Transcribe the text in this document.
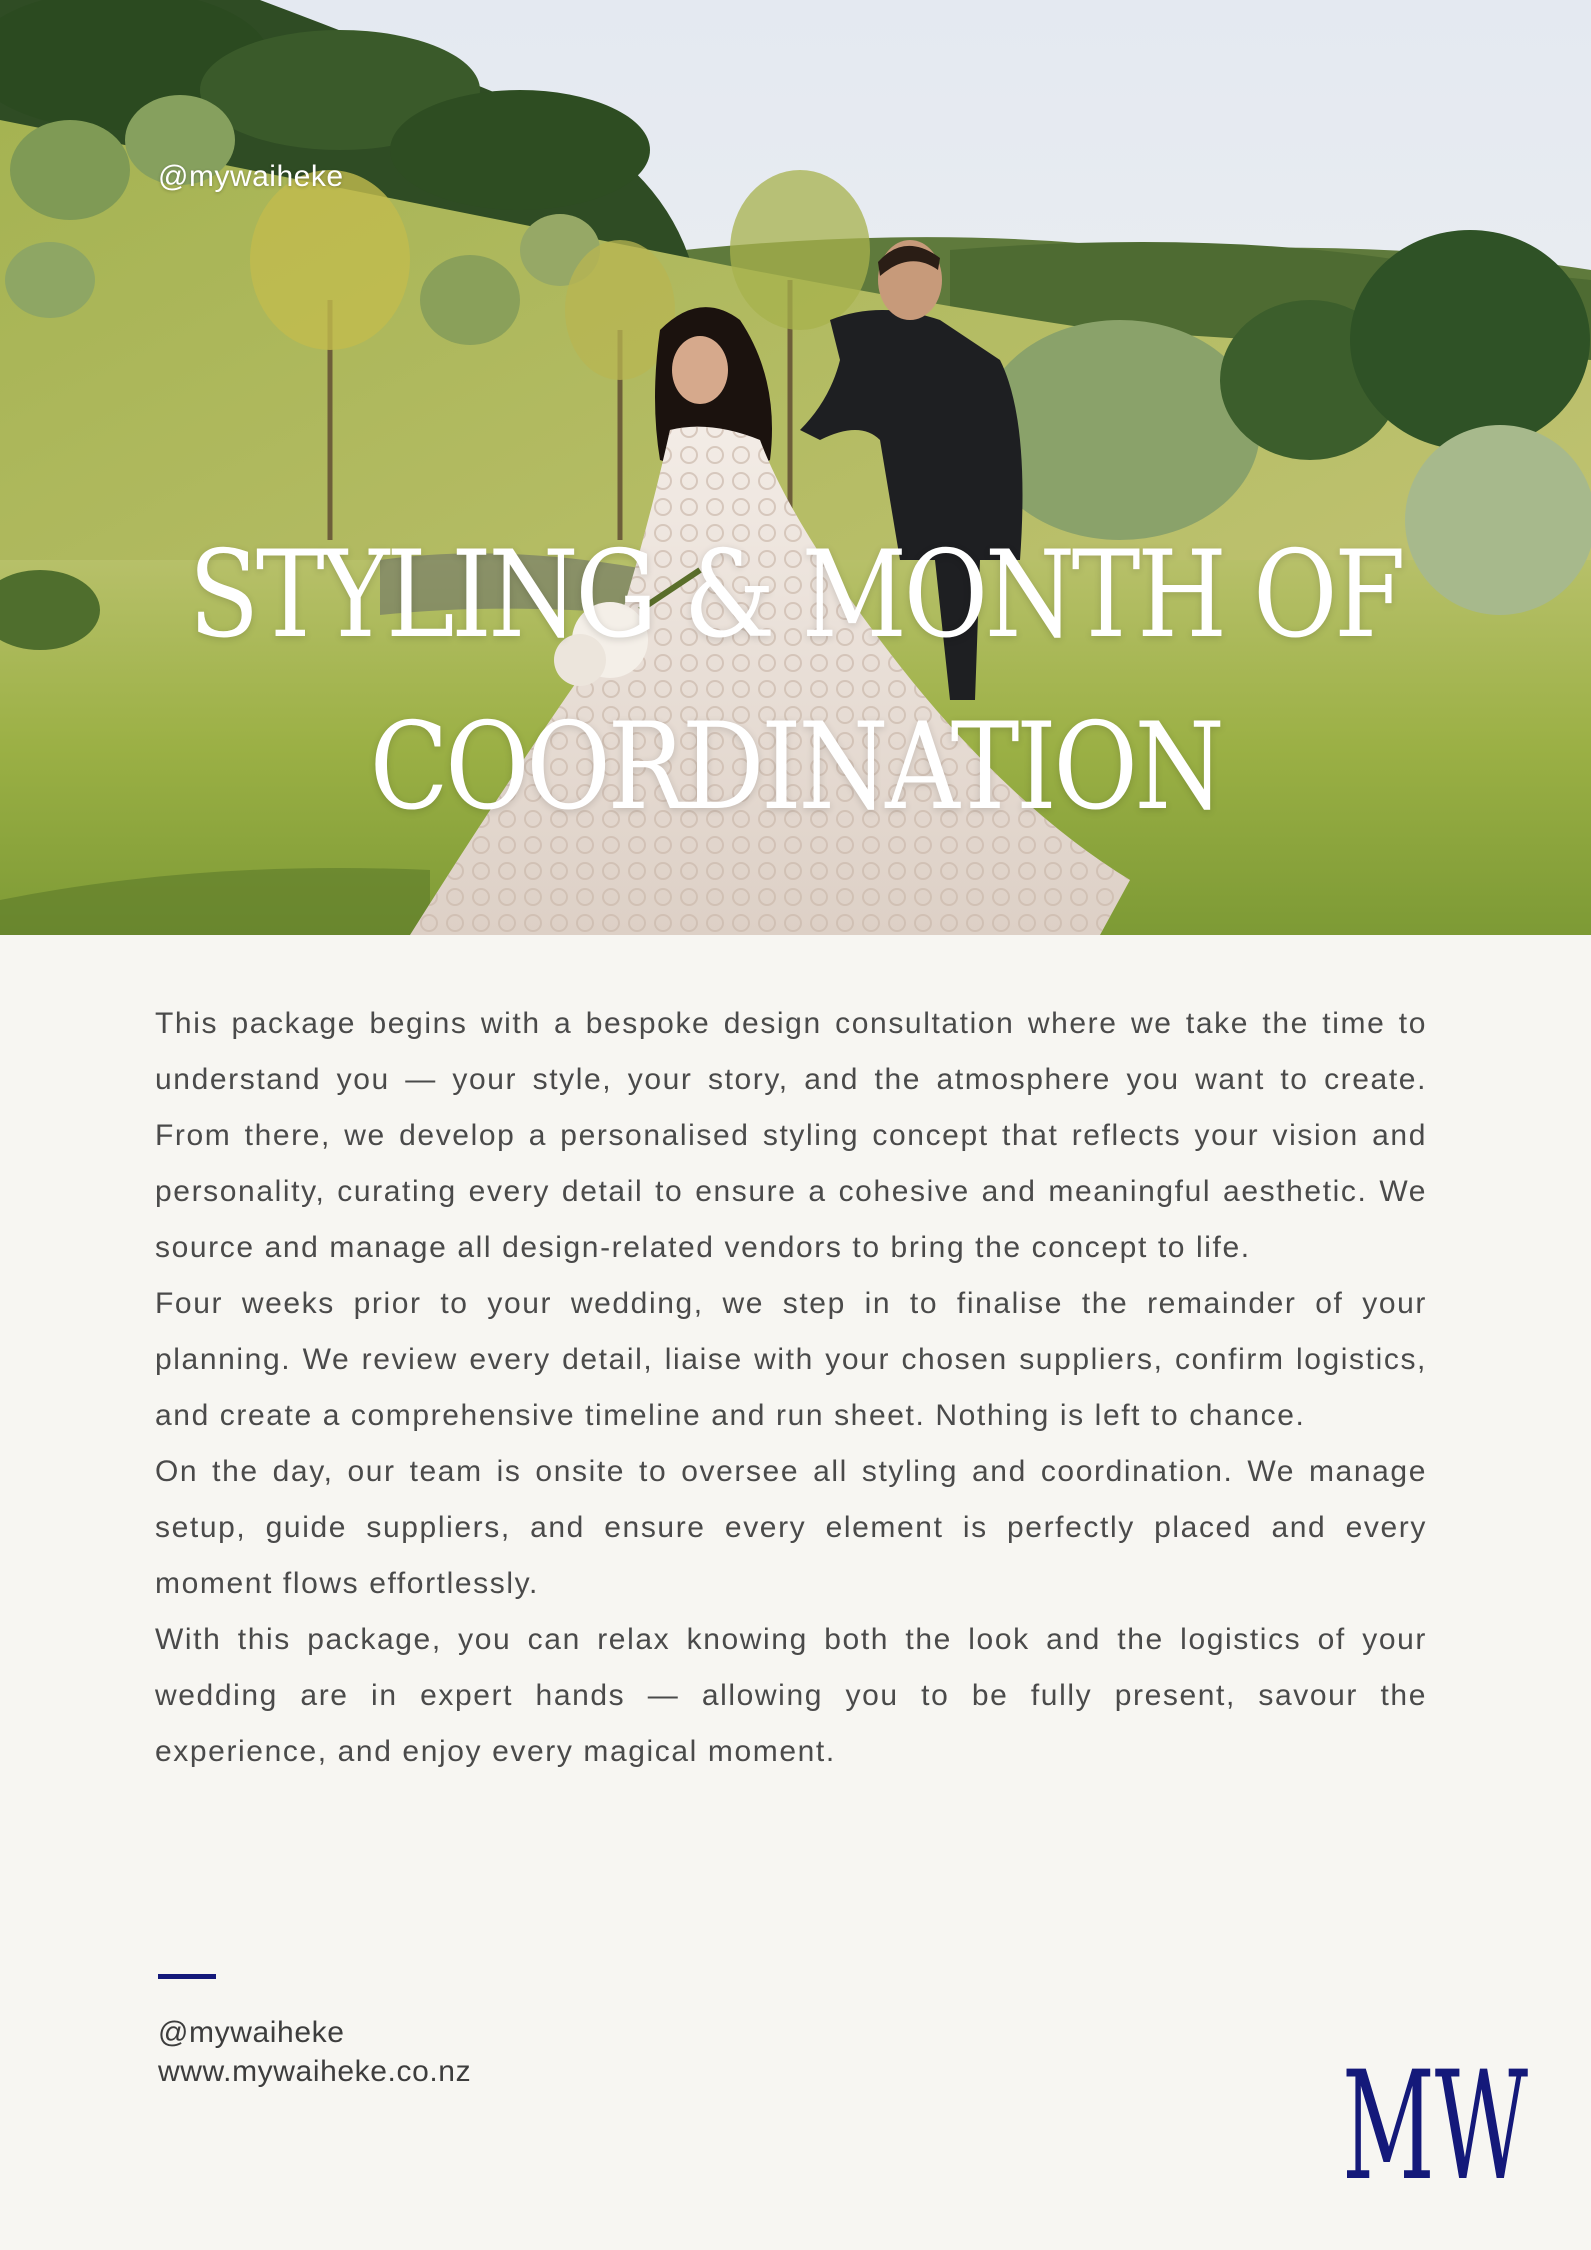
@mywaiheke
STYLING & MONTH OF
COORDINATION

This package begins with a bespoke design consultation where we take the time to understand you — your style, your story, and the atmosphere you want to create. From there, we develop a personalised styling concept that reflects your vision and personality, curating every detail to ensure a cohesive and meaningful aesthetic. We source and manage all design-related vendors to bring the concept to life.

Four weeks prior to your wedding, we step in to finalise the remainder of your planning. We review every detail, liaise with your chosen suppliers, confirm logistics, and create a comprehensive timeline and run sheet. Nothing is left to chance.

On the day, our team is onsite to oversee all styling and coordination. We manage setup, guide suppliers, and ensure every element is perfectly placed and every moment flows effortlessly.

With this package, you can relax knowing both the look and the logistics of your wedding are in expert hands — allowing you to be fully present, savour the experience, and enjoy every magical moment.

@mywaiheke
www.mywaiheke.co.nz	MW
